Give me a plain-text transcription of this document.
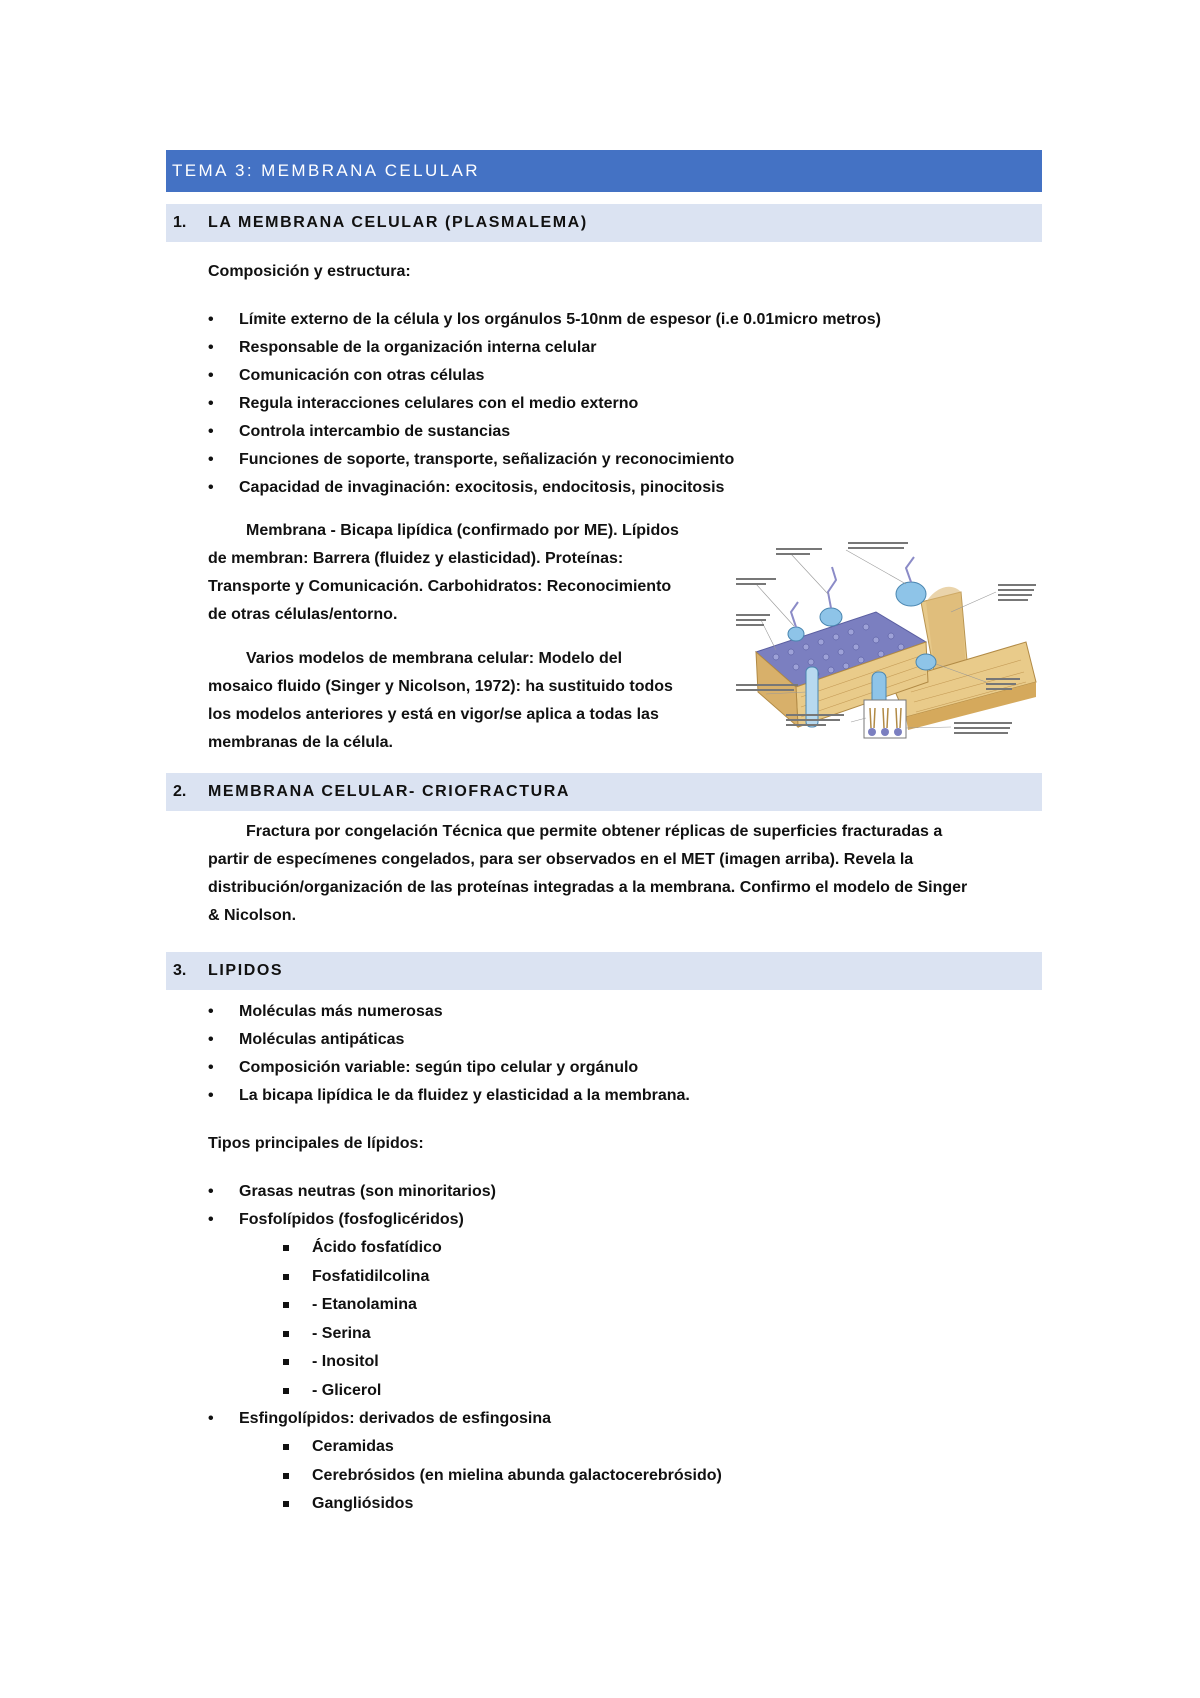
TEMA 3: MEMBRANA CELULAR
1. LA MEMBRANA CELULAR (PLASMALEMA)
Composición y estructura:
• Límite externo de la célula y los orgánulos 5-10nm de espesor (i.e 0.01micro metros)
• Responsable de la organización interna celular
• Comunicación con otras células
• Regula interacciones celulares con el medio externo
• Controla intercambio de sustancias
• Funciones de soporte, transporte, señalización y reconocimiento
• Capacidad de invaginación: exocitosis, endocitosis, pinocitosis
Membrana - Bicapa lipídica (confirmado por ME). Lípidos
de membran: Barrera (fluidez y elasticidad). Proteínas:
Transporte y Comunicación. Carbohidratos: Reconocimiento
de otras células/entorno.
Varios modelos de membrana celular: Modelo del
mosaico fluido (Singer y Nicolson, 1972): ha sustituido todos
los modelos anteriores y está en vigor/se aplica a todas las
membranas de la célula.
2. MEMBRANA CELULAR- CRIOFRACTURA
Fractura por congelación Técnica que permite obtener réplicas de superficies fracturadas a
partir de especímenes congelados, para ser observados en el MET (imagen arriba). Revela la
distribución/organización de las proteínas integradas a la membrana. Confirmo el modelo de Singer
& Nicolson.
3. LIPIDOS
• Moléculas más numerosas
• Moléculas antipáticas
• Composición variable: según tipo celular y orgánulo
• La bicapa lipídica le da fluidez y elasticidad a la membrana.
Tipos principales de lípidos:
• Grasas neutras (son minoritarios)
• Fosfolípidos (fosfoglicéridos)
Ácido fosfatídico
Fosfatidilcolina
- Etanolamina
- Serina
- Inositol
- Glicerol
• Esfingolípidos: derivados de esfingosina
Ceramidas
Cerebrósidos (en mielina abunda galactocerebrósido)
Gangliósidos
